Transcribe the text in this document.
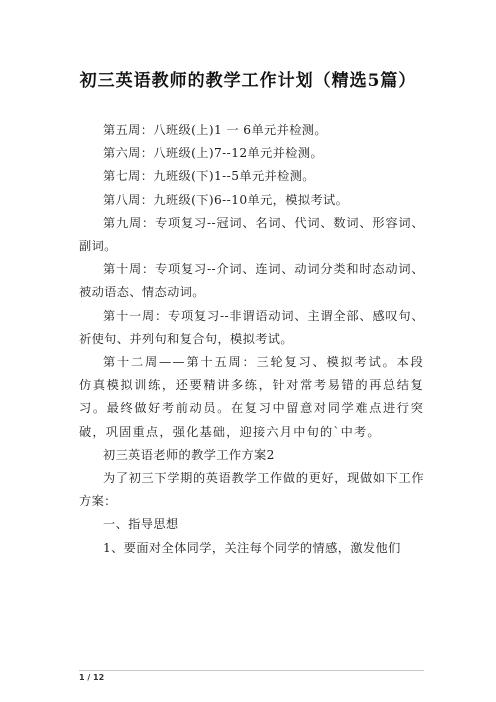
初三英语教师的教学工作计划（精选5篇）

第五周：八班级(上)1 一 6单元并检测。

第六周：八班级(上)7--12单元并检测。

第七周：九班级(下)1--5单元并检测。

第八周：九班级(下)6--10单元，模拟考试。

第九周：专项复习--冠词、名词、代词、数词、形容词、副词。

第十周：专项复习--介词、连词、动词分类和时态动词、被动语态、情态动词。

第十一周：专项复习--非谓语动词、主谓全部、感叹句、祈使句、并列句和复合句，模拟考试。

第十二周——第十五周：三轮复习、模拟考试。本段仿真模拟训练，还要精讲多练，针对常考易错的再总结复习。最终做好考前动员。在复习中留意对同学难点进行突破，巩固重点，强化基础，迎接六月中旬的`中考。

初三英语老师的教学工作方案2

为了初三下学期的英语教学工作做的更好，现做如下工作方案：

一、指导思想

1、要面对全体同学，关注每个同学的情感，激发他们

1 / 12
